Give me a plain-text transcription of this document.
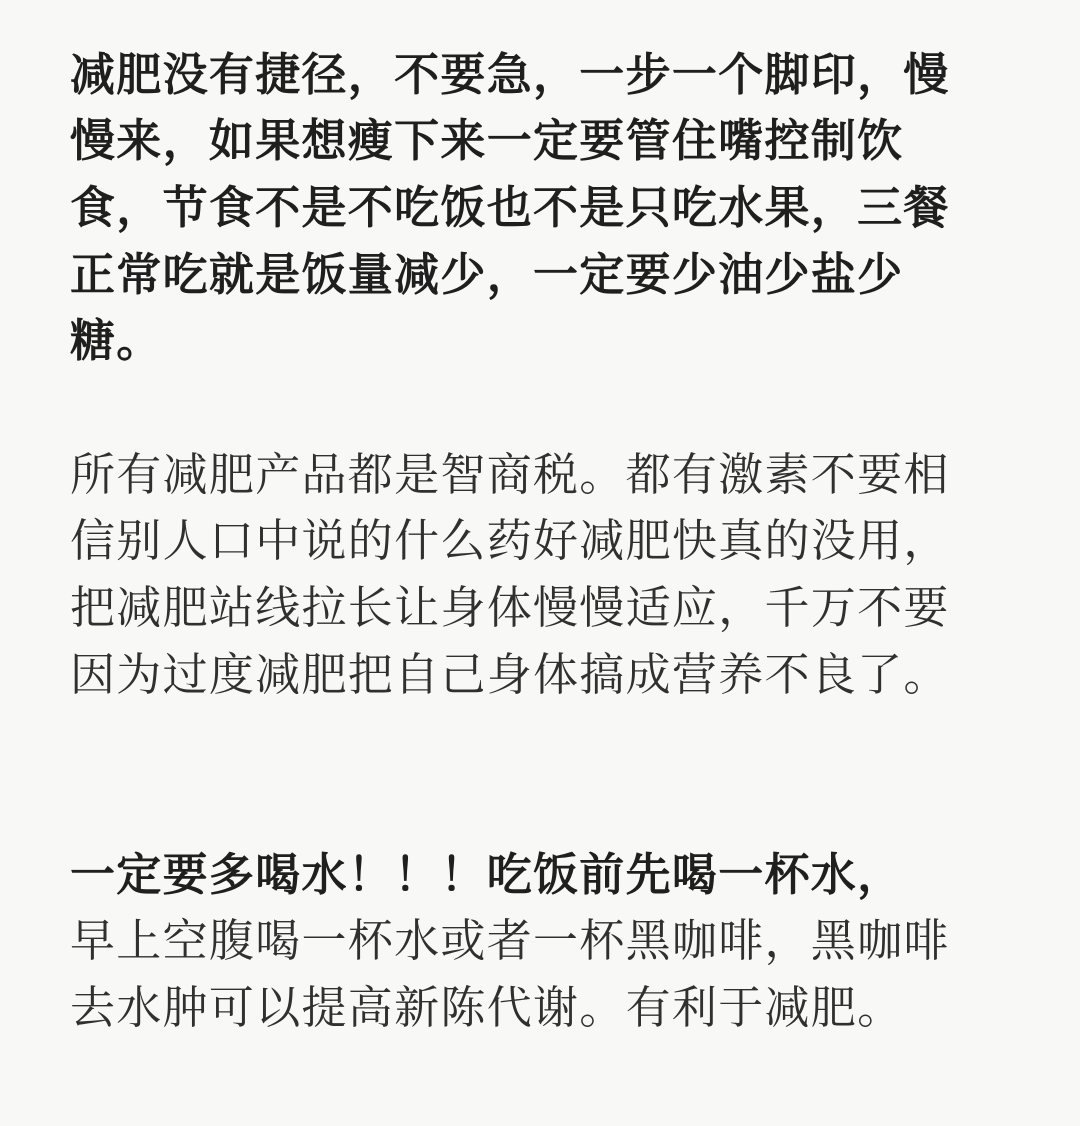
减肥没有捷径，不要急，一步一个脚印，慢
慢来，如果想瘦下来一定要管住嘴控制饮
食，节食不是不吃饭也不是只吃水果，三餐
正常吃就是饭量减少，一定要少油少盐少
糖。
所有减肥产品都是智商税。都有激素不要相
信别人口中说的什么药好减肥快真的没用，
把减肥站线拉长让身体慢慢适应，千万不要
因为过度减肥把自己身体搞成营养不良了。
一定要多喝水！！！吃饭前先喝一杯水，
早上空腹喝一杯水或者一杯黑咖啡，黑咖啡
去水肿可以提高新陈代谢。有利于减肥。
